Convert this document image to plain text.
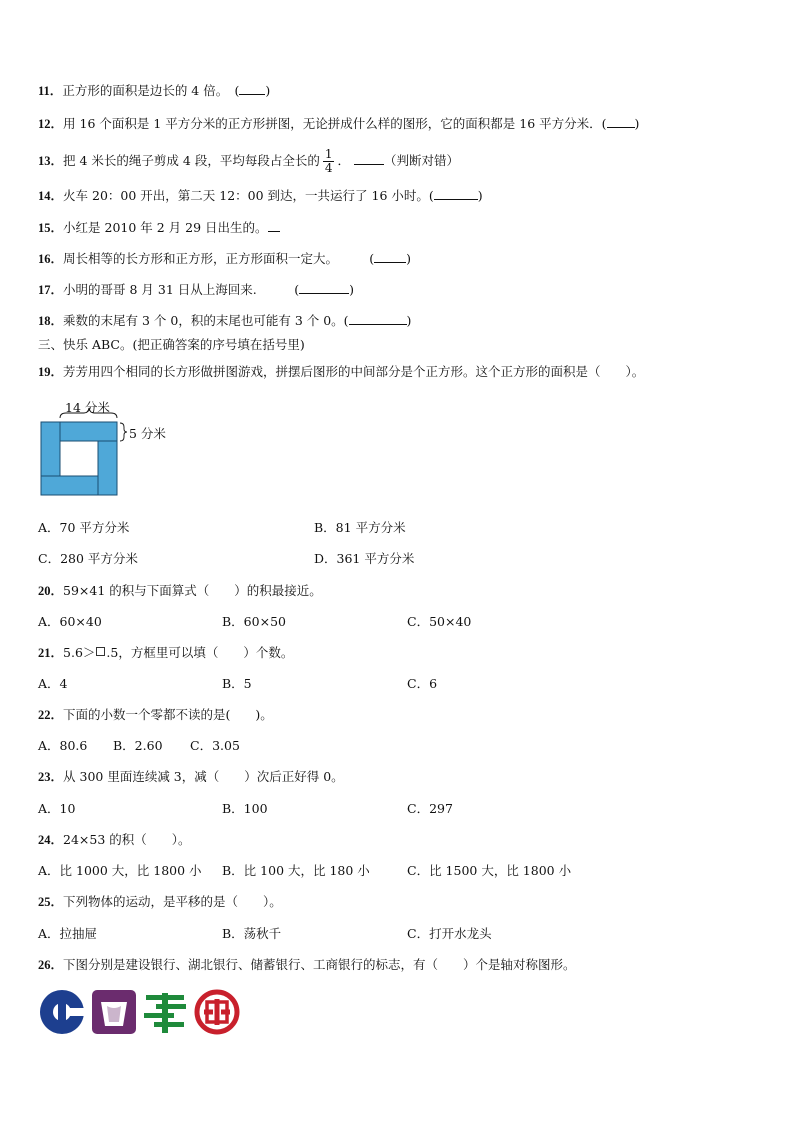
11．正方形的面积是边长的 4 倍。　 ( )
12．用 16 个面积是 1 平方分米的正方形拼图，无论拼成什么样的图形，它的面积都是 16 平方分米．( )
13．把 4 米长的绳子剪成 4 段，平均每段占全长的 $\frac{1}{4}$ ．	（判断对错）
14．火车 20：00 开出，第二天 12：00 到达，一共运行了 16 小时。(	)
15．小红是 2010 年 2 月 29 日出生的。
16．周长相等的长方形和正方形，正方形面积一定大。　　　(	)
17．小明的哥哥 8 月 31 日从上海回来.　　　(	)
18．乘数的末尾有 3 个 0，积的末尾也可能有 3 个 0。(	)
三、快乐 ABC。(把正确答案的序号填在括号里)
19．芳芳用四个相同的长方形做拼图游戏，拼摆后图形的中间部分是个正方形。这个正方形的面积是（　　）。
14 分米
5 分米
A．70 平方分米	B．81 平方分米
C．280 平方分米	D．361 平方分米
20．59×41 的积与下面算式（　　）的积最接近。
A．60×40	B．60×50	C．50×40
21．5.6＞ .5，方框里可以填（　　）个数。
A．4	B．5	C．6
22．下面的小数一个零都不读的是(　　)。
A．80.6 B．2.60 C．3.05
23．从 300 里面连续减 3，减（　　）次后正好得 0。
A．10	B．100	C．297
24．24×53 的积（　　）。
A．比 1000 大，比 1800 小 B．比 100 大，比 180 小	C．比 1500 大，比 1800 小
25．下列物体的运动，是平移的是（　　）。
A．拉抽屉	B．荡秋千	C．打开水龙头
26．下图分别是建设银行、湖北银行、储蓄银行、工商银行的标志，有（　　）个是轴对称图形。
